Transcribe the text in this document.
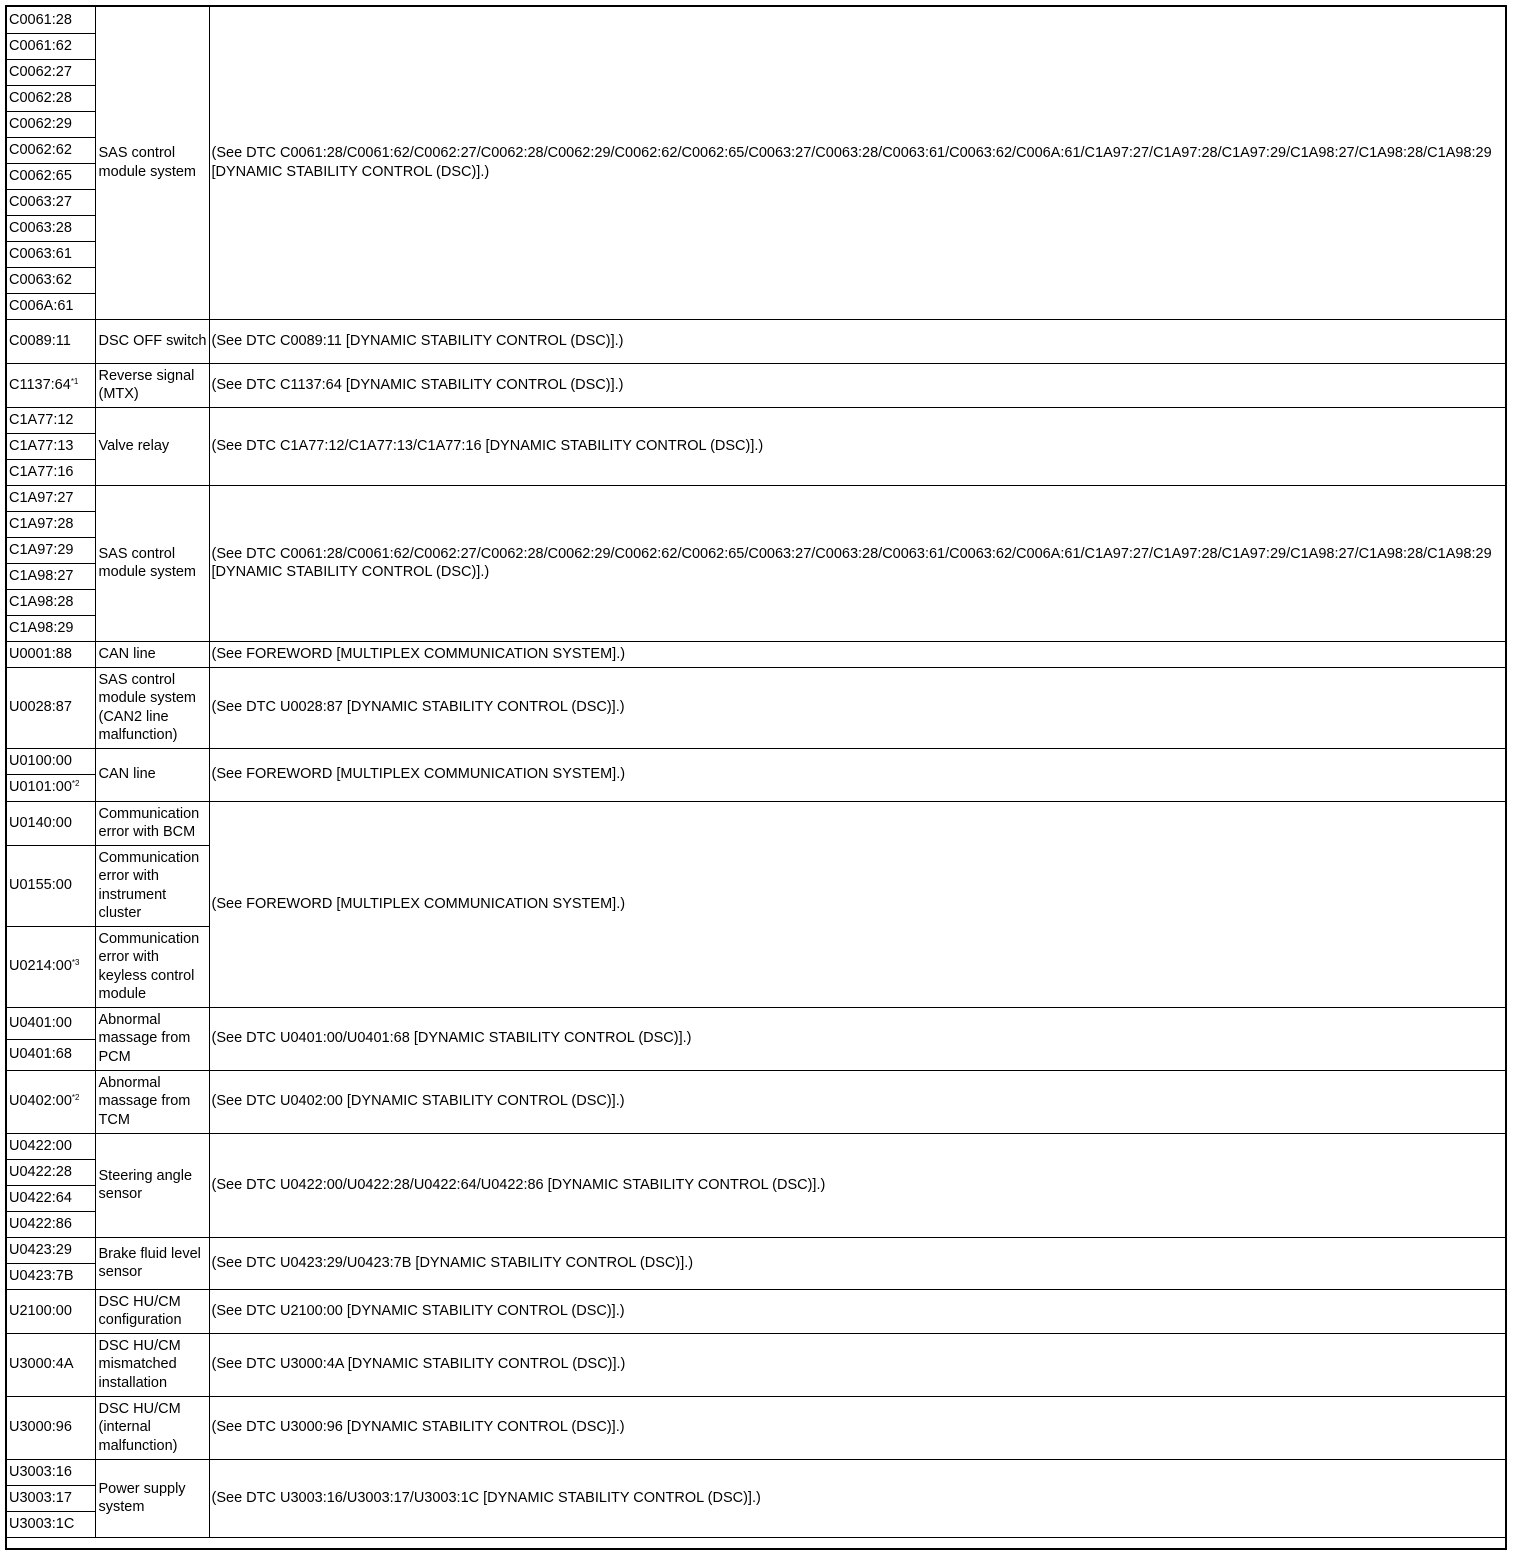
C0061:28	SAS control module system	(See DTC C0061:28/C0061:62/C0062:27/C0062:28/C0062:29/C0062:62/C0062:65/C0063:27/C0063:28/C0063:61/C0063:62/C006A:61/C1A97:27/C1A97:28/C1A97:29/C1A98:27/C1A98:28/C1A98:29 [DYNAMIC STABILITY CONTROL (DSC)].)
C0061:62		
C0062:27		
C0062:28		
C0062:29		
C0062:62		
C0062:65		
C0063:27		
C0063:28		
C0063:61		
C0063:62		
C006A:61		
C0089:11	DSC OFF switch	(See DTC C0089:11 [DYNAMIC STABILITY CONTROL (DSC)].)
C1137:64$^{*1}$	Reverse signal (MTX)	(See DTC C1137:64 [DYNAMIC STABILITY CONTROL (DSC)].)
C1A77:12	Valve relay	(See DTC C1A77:12/C1A77:13/C1A77:16 [DYNAMIC STABILITY CONTROL (DSC)].)
C1A77:13		
C1A77:16		
C1A97:27	SAS control module system	(See DTC C0061:28/C0061:62/C0062:27/C0062:28/C0062:29/C0062:62/C0062:65/C0063:27/C0063:28/C0063:61/C0063:62/C006A:61/C1A97:27/C1A97:28/C1A97:29/C1A98:27/C1A98:28/C1A98:29 [DYNAMIC STABILITY CONTROL (DSC)].)
C1A97:28		
C1A97:29		
C1A98:27		
C1A98:28		
C1A98:29		
U0001:88	CAN line	(See FOREWORD [MULTIPLEX COMMUNICATION SYSTEM].)
U0028:87	SAS control module system (CAN2 line malfunction)	(See DTC U0028:87 [DYNAMIC STABILITY CONTROL (DSC)].)
U0100:00	CAN line	(See FOREWORD [MULTIPLEX COMMUNICATION SYSTEM].)
U0101:00$^{*2}$
U0140:00	Communication error with BCM	(See FOREWORD [MULTIPLEX COMMUNICATION SYSTEM].)
U0155:00	Communication error with instrument cluster	
U0214:00$^{*3}$	Communication error with keyless control module	
U0401:00	Abnormal massage from PCM	(See DTC U0401:00/U0401:68 [DYNAMIC STABILITY CONTROL (DSC)].)
U0401:68		
U0402:00$^{*2}$	Abnormal massage from TCM	(See DTC U0402:00 [DYNAMIC STABILITY CONTROL (DSC)].)
U0422:00	Steering angle sensor	(See DTC U0422:00/U0422:28/U0422:64/U0422:86 [DYNAMIC STABILITY CONTROL (DSC)].)
U0422:28		
U0422:64		
U0422:86		
U0423:29	Brake fluid level sensor	(See DTC U0423:29/U0423:7B [DYNAMIC STABILITY CONTROL (DSC)].)
U0423:7B		
U2100:00	DSC HU/CM configuration	(See DTC U2100:00 [DYNAMIC STABILITY CONTROL (DSC)].)
U3000:4A	DSC HU/CM mismatched installation	(See DTC U3000:4A [DYNAMIC STABILITY CONTROL (DSC)].)
U3000:96	DSC HU/CM (internal malfunction)	(See DTC U3000:96 [DYNAMIC STABILITY CONTROL (DSC)].)
U3003:16	Power supply system	(See DTC U3003:16/U3003:17/U3003:1C [DYNAMIC STABILITY CONTROL (DSC)].)
U3003:17		
U3003:1C		
